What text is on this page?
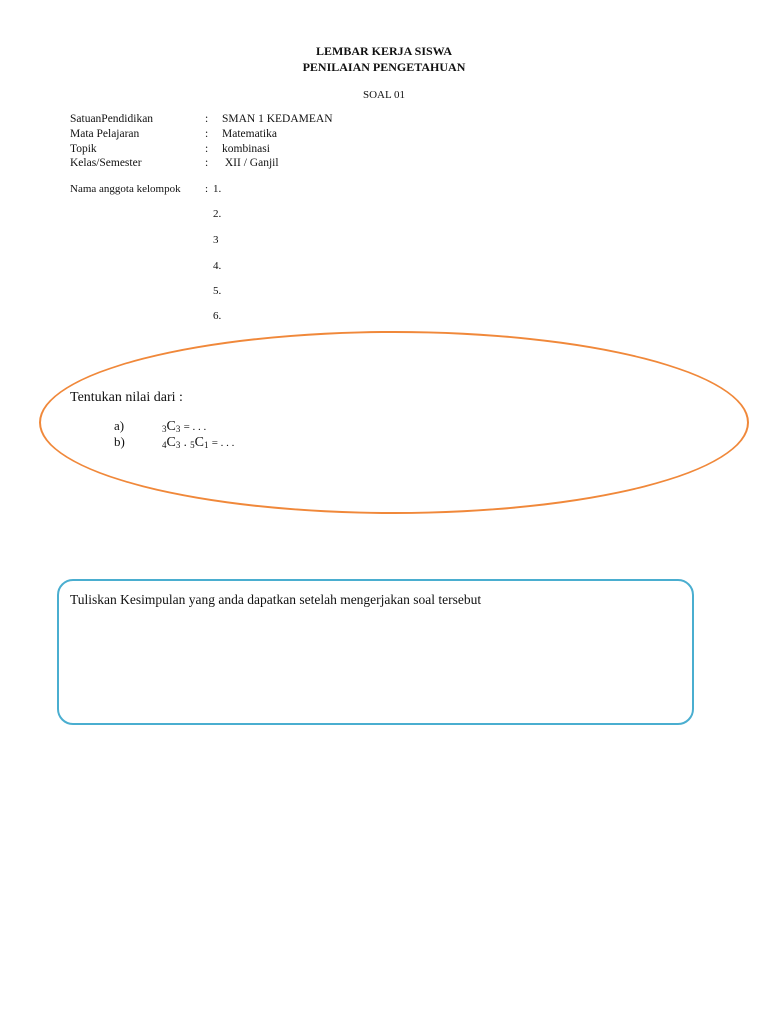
LEMBAR KERJA SISWA
PENILAIAN PENGETAHUAN
SOAL 01
SatuanPendidikan	: SMAN 1 KEDAMEAN
Mata Pelajaran	: Matematika
Topik	: kombinasi
Kelas/Semester	: XII / Ganjil
Nama anggota kelompok : 1.
2.
3
4.
5.
6.
Tentukan nilai dari :
a)	$_3C_3$ = . . .
b)	$_4C_3$ . $_5C_1$ = . . .
Tuliskan Kesimpulan yang anda dapatkan setelah mengerjakan soal tersebut
